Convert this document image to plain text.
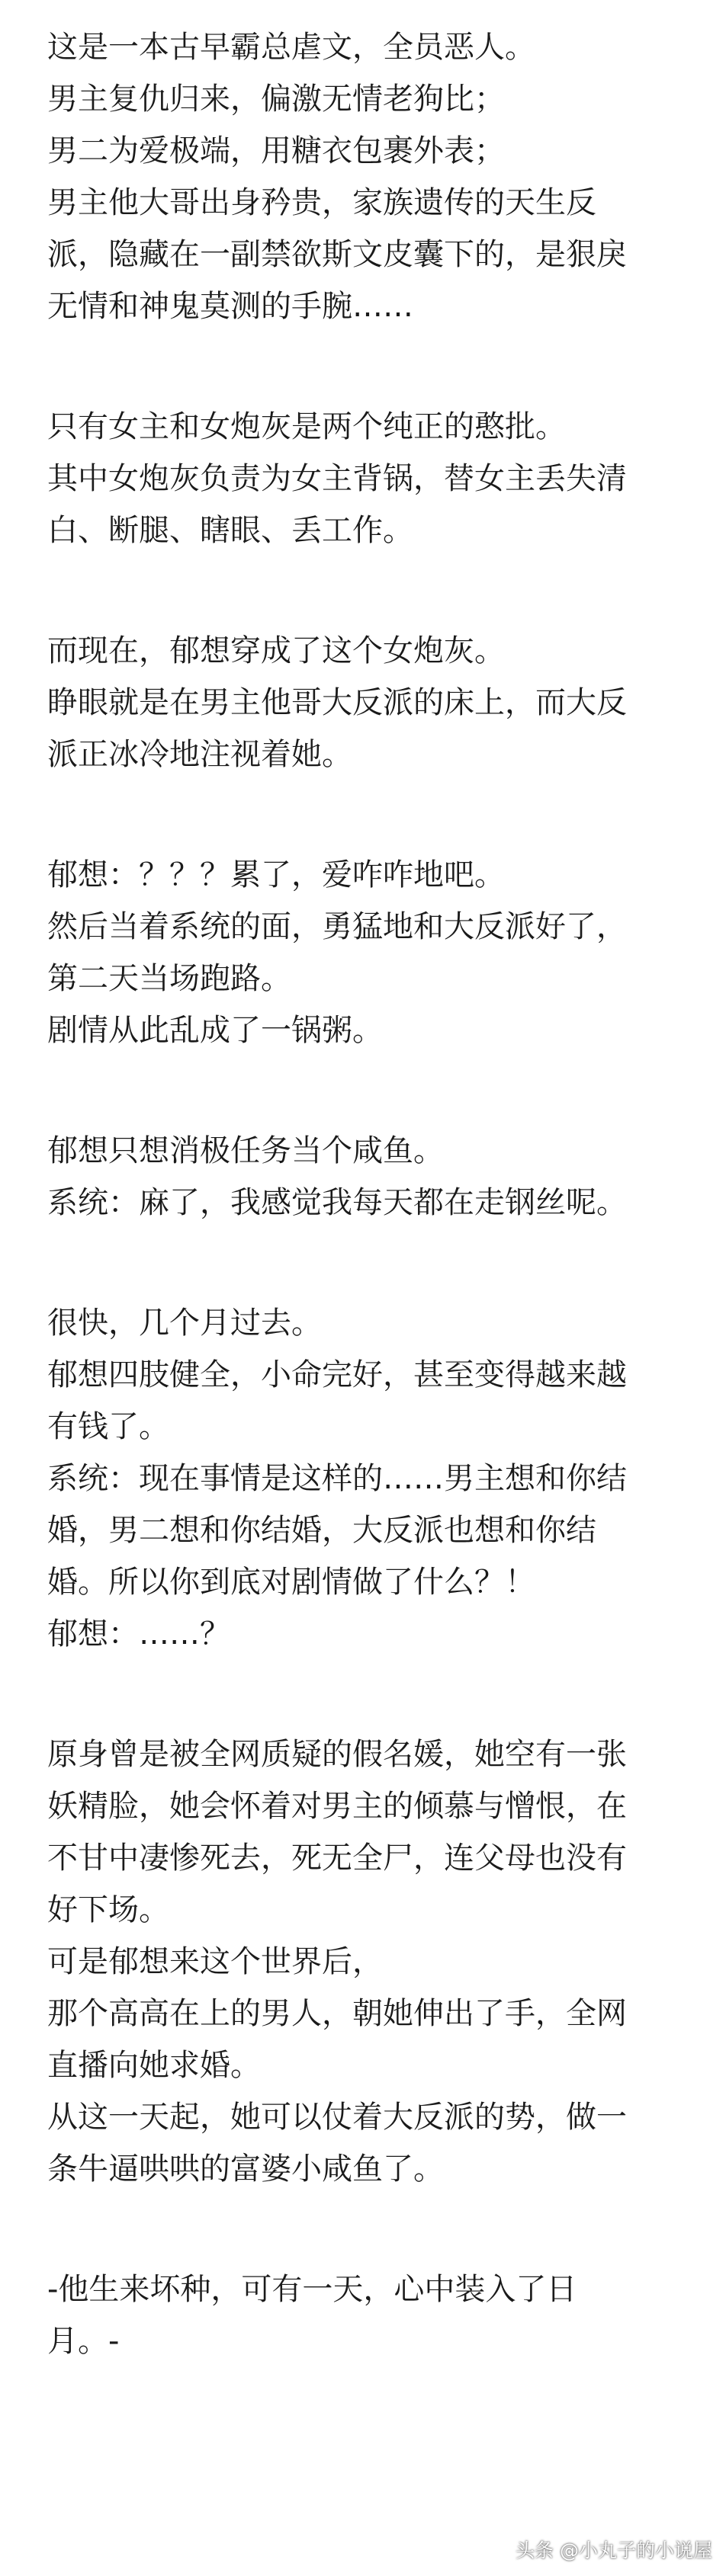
这是一本古早霸总虐文，全员恶人。
男主复仇归来，偏激无情老狗比；
男二为爱极端，用糖衣包裹外表；
男主他大哥出身矜贵，家族遗传的天生反
派，隐藏在一副禁欲斯文皮囊下的，是狠戾
无情和神鬼莫测的手腕……
只有女主和女炮灰是两个纯正的憨批。
其中女炮灰负责为女主背锅，替女主丢失清
白、断腿、瞎眼、丢工作。
而现在，郁想穿成了这个女炮灰。
睁眼就是在男主他哥大反派的床上，而大反
派正冰冷地注视着她。
郁想：？？？累了，爱咋咋地吧。
然后当着系统的面，勇猛地和大反派好了，
第二天当场跑路。
剧情从此乱成了一锅粥。
郁想只想消极任务当个咸鱼。
系统：麻了，我感觉我每天都在走钢丝呢。
很快，几个月过去。
郁想四肢健全，小命完好，甚至变得越来越
有钱了。
系统：现在事情是这样的……男主想和你结
婚，男二想和你结婚，大反派也想和你结
婚。所以你到底对剧情做了什么？！
郁想：……？
原身曾是被全网质疑的假名媛，她空有一张
妖精脸，她会怀着对男主的倾慕与憎恨，在
不甘中凄惨死去，死无全尸，连父母也没有
好下场。
可是郁想来这个世界后，
那个高高在上的男人，朝她伸出了手，全网
直播向她求婚。
从这一天起，她可以仗着大反派的势，做一
条牛逼哄哄的富婆小咸鱼了。
-他生来坏种，可有一天，心中装入了日
月。-
头条 @小丸子的小说屋
